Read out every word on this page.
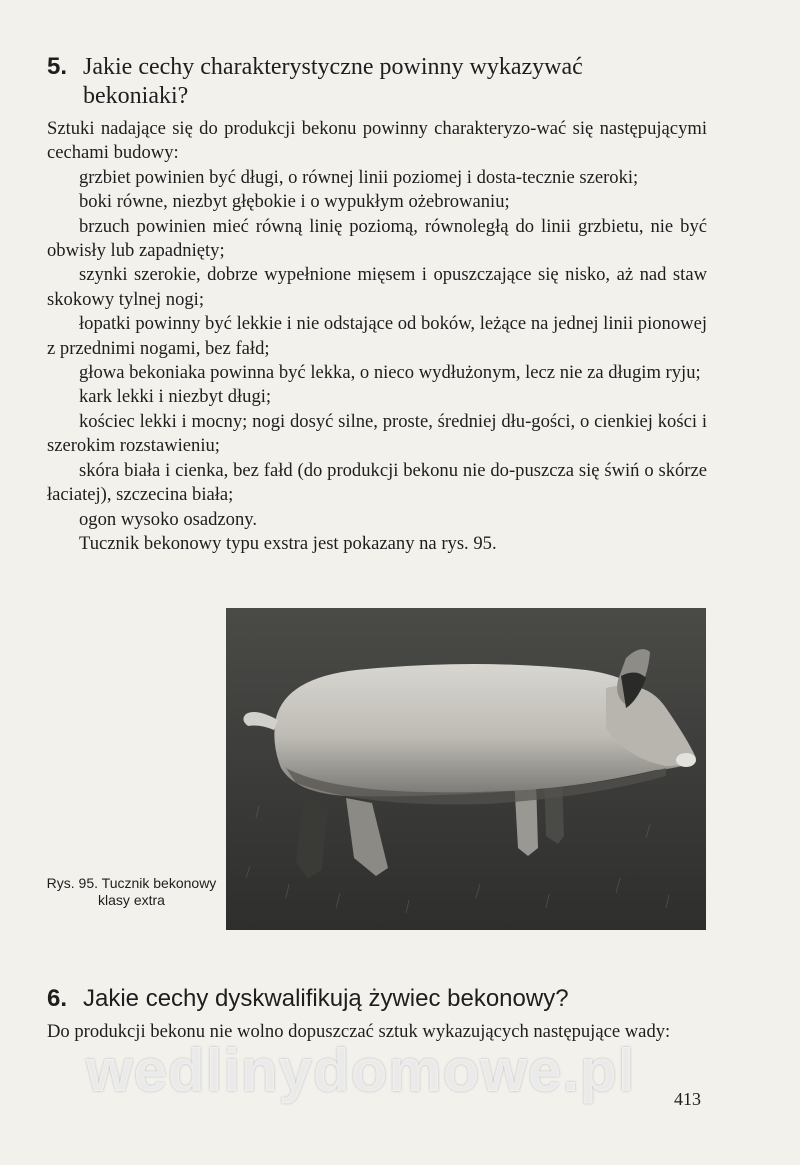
5. Jakie cechy charakterystyczne powinny wykazywać
bekoniaki?

Sztuki nadające się do produkcji bekonu powinny charakteryzo-wać się następującymi cechami budowy:

grzbiet powinien być długi, o równej linii poziomej i dosta-tecznie szeroki;

boki równe, niezbyt głębokie i o wypukłym ożebrowaniu;

brzuch powinien mieć równą linię poziomą, równoległą do linii grzbietu, nie być obwisły lub zapadnięty;

szynki szerokie, dobrze wypełnione mięsem i opuszczające się nisko, aż nad staw skokowy tylnej nogi;

łopatki powinny być lekkie i nie odstające od boków, leżące na jednej linii pionowej z przednimi nogami, bez fałd;

głowa bekoniaka powinna być lekka, o nieco wydłużonym, lecz nie za długim ryju;

kark lekki i niezbyt długi;

kościec lekki i mocny; nogi dosyć silne, proste, średniej dłu-gości, o cienkiej kości i szerokim rozstawieniu;

skóra biała i cienka, bez fałd (do produkcji bekonu nie do-puszcza się świń o skórze łaciatej), szczecina biała;

ogon wysoko osadzony.

Tucznik bekonowy typu exstra jest pokazany na rys. 95.

Rys. 95. Tucznik bekonowy klasy extra
6. Jakie cechy dyskwalifikują żywiec bekonowy?

Do produkcji bekonu nie wolno dopuszczać sztuk wykazujących następujące wady:

wedlinydomowe.pl	413
